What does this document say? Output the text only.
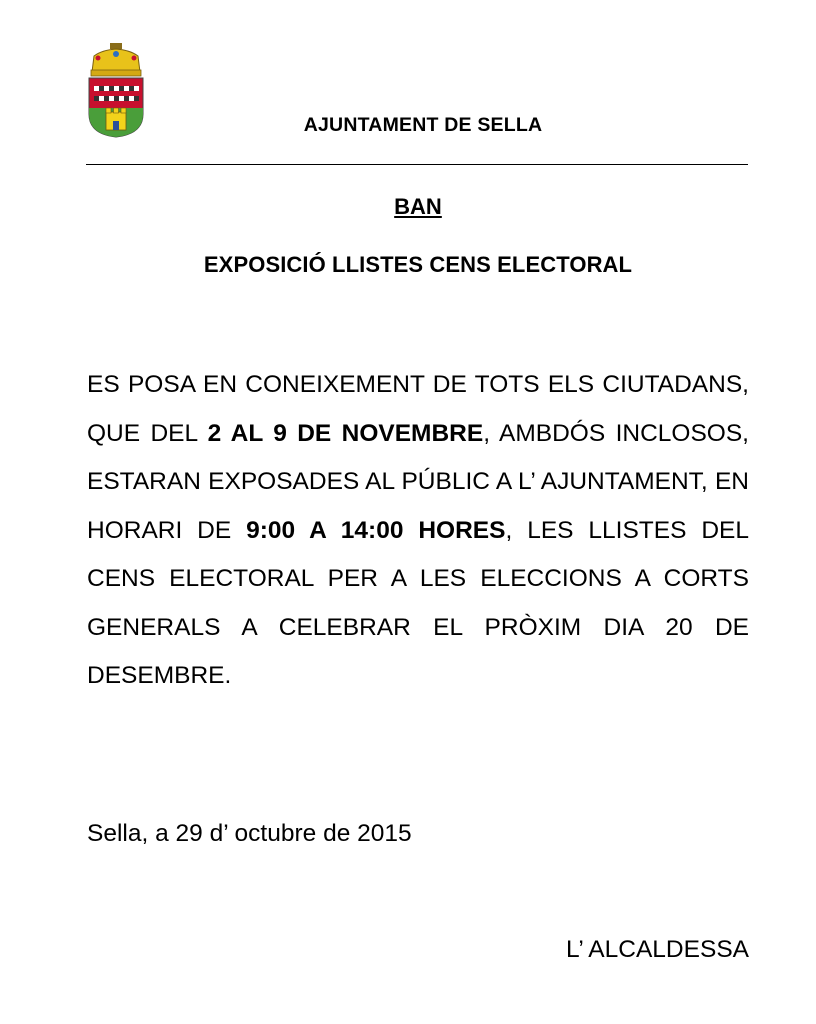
AJUNTAMENT DE SELLA
BAN
EXPOSICIÓ LLISTES CENS ELECTORAL
ES POSA EN CONEIXEMENT DE TOTS ELS CIUTADANS, QUE DEL 2 AL 9 DE NOVEMBRE, AMBDÓS INCLOSOS, ESTARAN EXPOSADES AL PÚBLIC A L’ AJUNTAMENT, EN HORARI DE 9:00 A 14:00 HORES, LES LLISTES DEL CENS ELECTORAL PER A LES ELECCIONS A CORTS GENERALS A CELEBRAR EL PRÒXIM DIA 20 DE DESEMBRE.
Sella, a 29 d’ octubre de 2015
L’ ALCALDESSA
